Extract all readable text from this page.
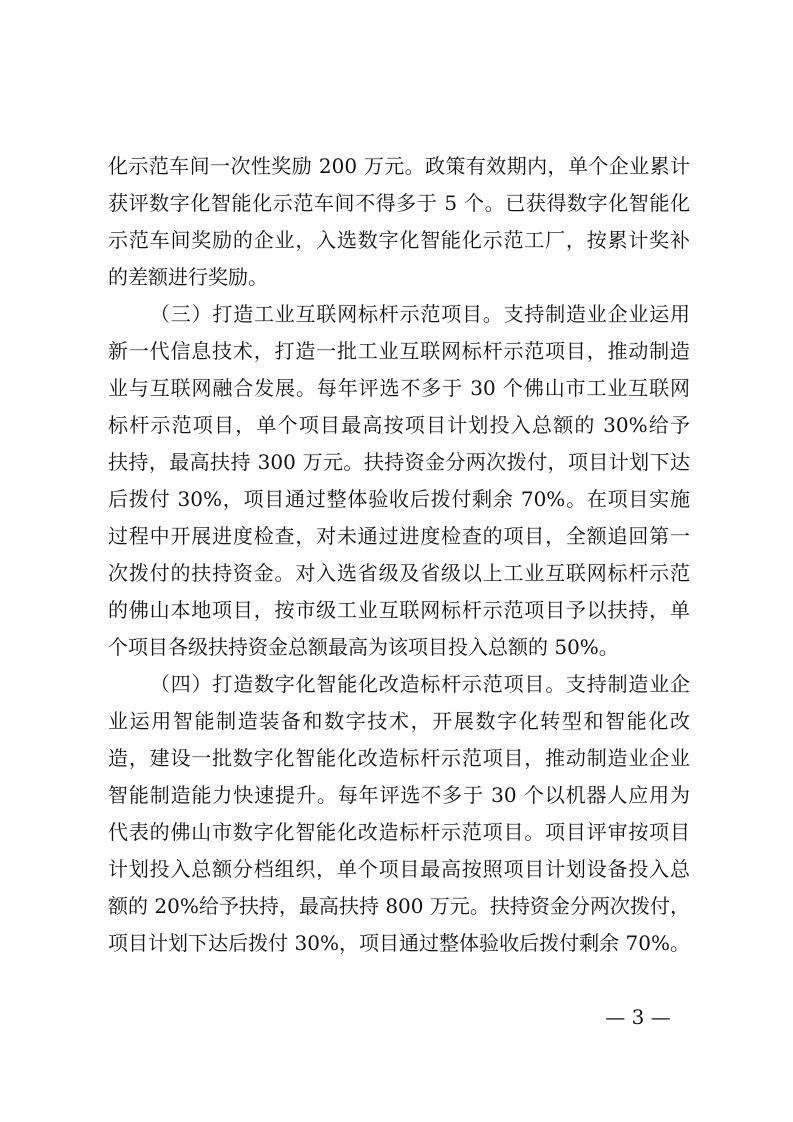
化示范车间一次性奖励 200 万元。政策有效期内，单个企业累计
获评数字化智能化示范车间不得多于 5 个。已获得数字化智能化
示范车间奖励的企业，入选数字化智能化示范工厂，按累计奖补
的差额进行奖励。
（三）打造工业互联网标杆示范项目。支持制造业企业运用
新一代信息技术，打造一批工业互联网标杆示范项目，推动制造
业与互联网融合发展。每年评选不多于 30 个佛山市工业互联网
标杆示范项目，单个项目最高按项目计划投入总额的 30%给予
扶持，最高扶持 300 万元。扶持资金分两次拨付，项目计划下达
后拨付 30%，项目通过整体验收后拨付剩余 70%。在项目实施
过程中开展进度检查，对未通过进度检查的项目，全额追回第一
次拨付的扶持资金。对入选省级及省级以上工业互联网标杆示范
的佛山本地项目，按市级工业互联网标杆示范项目予以扶持，单
个项目各级扶持资金总额最高为该项目投入总额的 50%。
（四）打造数字化智能化改造标杆示范项目。支持制造业企
业运用智能制造装备和数字技术，开展数字化转型和智能化改
造，建设一批数字化智能化改造标杆示范项目，推动制造业企业
智能制造能力快速提升。每年评选不多于 30 个以机器人应用为
代表的佛山市数字化智能化改造标杆示范项目。项目评审按项目
计划投入总额分档组织，单个项目最高按照项目计划设备投入总
额的 20%给予扶持，最高扶持 800 万元。扶持资金分两次拨付，
项目计划下达后拨付 30%，项目通过整体验收后拨付剩余 70%。
— 3 —
